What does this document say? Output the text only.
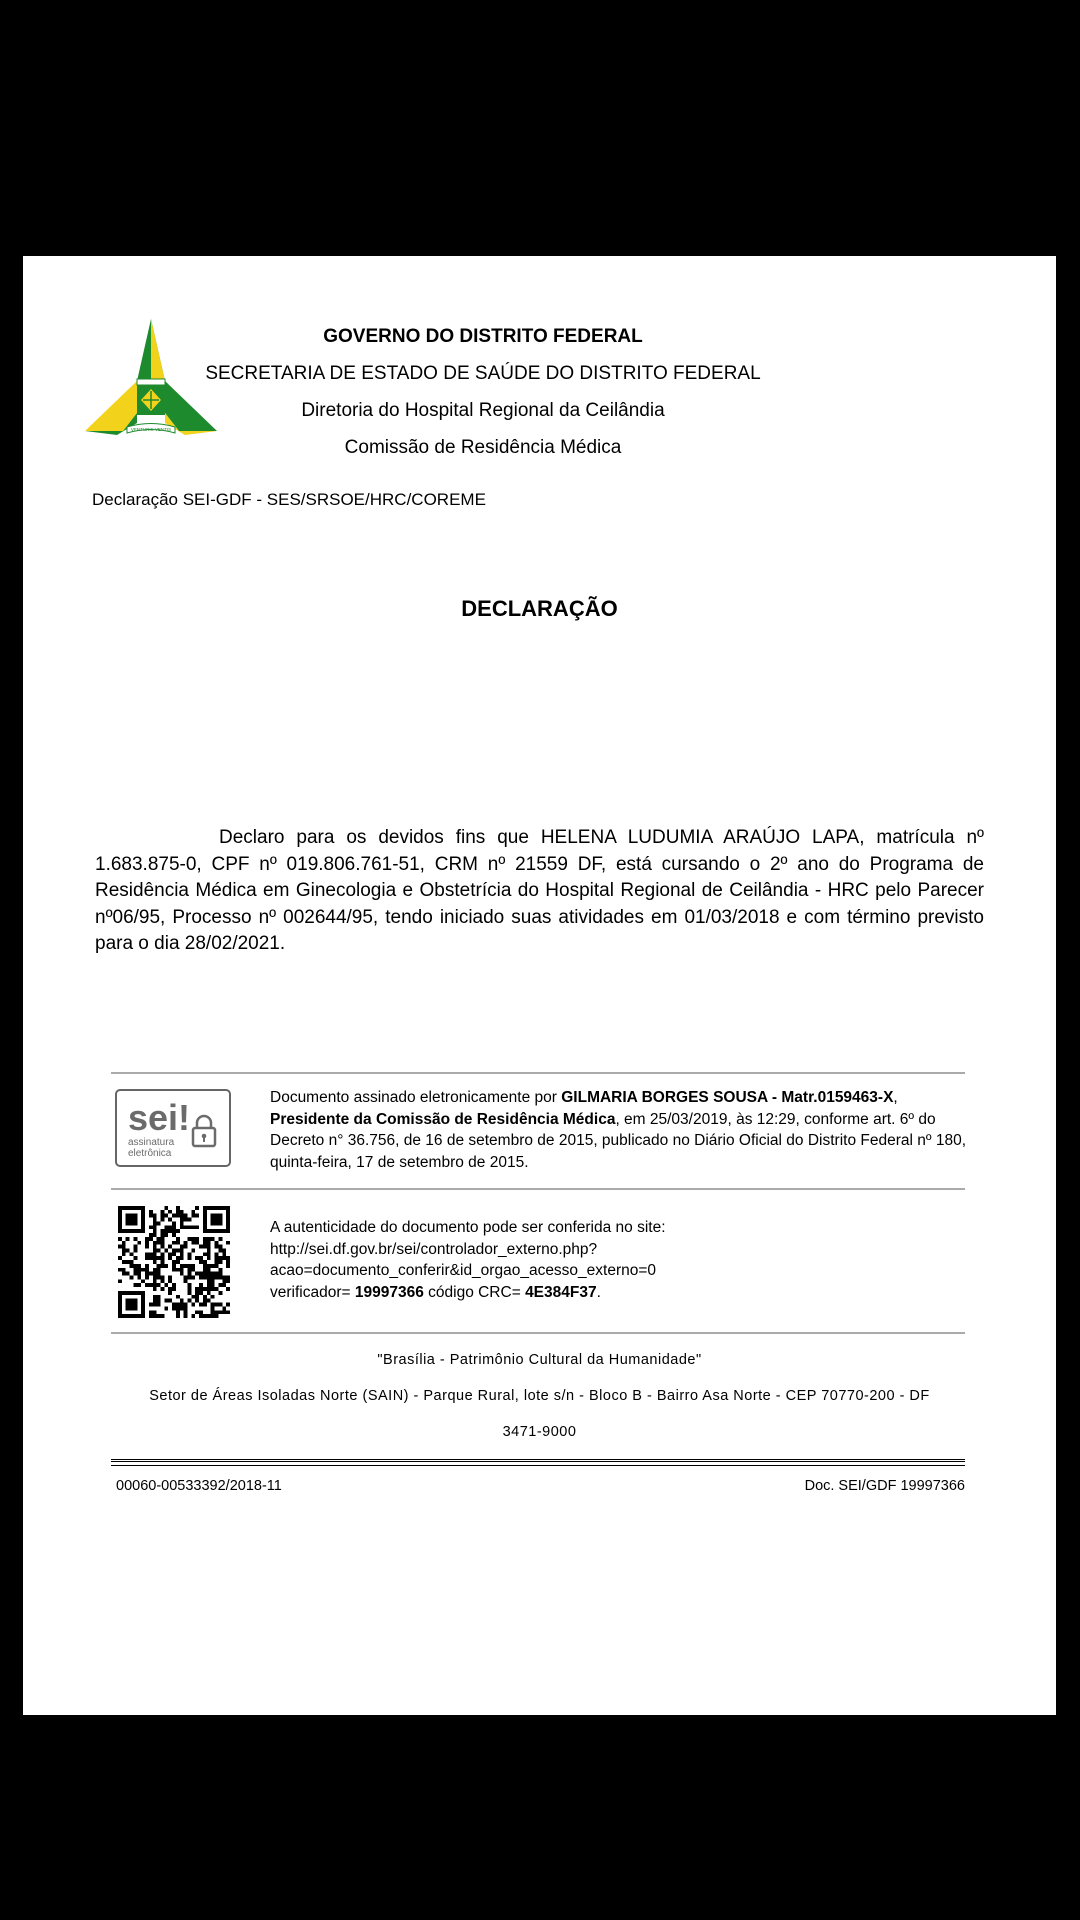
VENTURIS VENTIS
GOVERNO DO DISTRITO FEDERAL
SECRETARIA DE ESTADO DE SAÚDE DO DISTRITO FEDERAL
Diretoria do Hospital Regional da Ceilândia
Comissão de Residência Médica
Declaração SEI-GDF - SES/SRSOE/HRC/COREME
DECLARAÇÃO
Declaro para os devidos fins que HELENA LUDUMIA ARAÚJO LAPA, matrícula nº 1.683.875-0, CPF nº 019.806.761-51, CRM nº 21559 DF, está cursando o 2º ano do Programa de Residência Médica em Ginecologia e Obstetrícia do Hospital Regional de Ceilândia - HRC pelo Parecer nº06/95, Processo nº 002644/95, tendo iniciado suas atividades em 01/03/2018 e com término previsto para o dia 28/02/2021.
sei!
assinatura
eletrônica
Documento assinado eletronicamente por GILMARIA BORGES SOUSA - Matr.0159463-X,
Presidente da Comissão de Residência Médica, em 25/03/2019, às 12:29, conforme art. 6º do Decreto n° 36.756, de 16 de setembro de 2015, publicado no Diário Oficial do Distrito Federal nº 180, quinta-feira, 17 de setembro de 2015.
A autenticidade do documento pode ser conferida no site:
http://sei.df.gov.br/sei/controlador_externo.php?
acao=documento_conferir&id_orgao_acesso_externo=0
verificador= 19997366 código CRC= 4E384F37.
"Brasília - Patrimônio Cultural da Humanidade"
Setor de Áreas Isoladas Norte (SAIN) - Parque Rural, lote s/n - Bloco B - Bairro Asa Norte - CEP 70770-200 - DF
3471-9000
00060-00533392/2018-11	Doc. SEI/GDF 19997366
